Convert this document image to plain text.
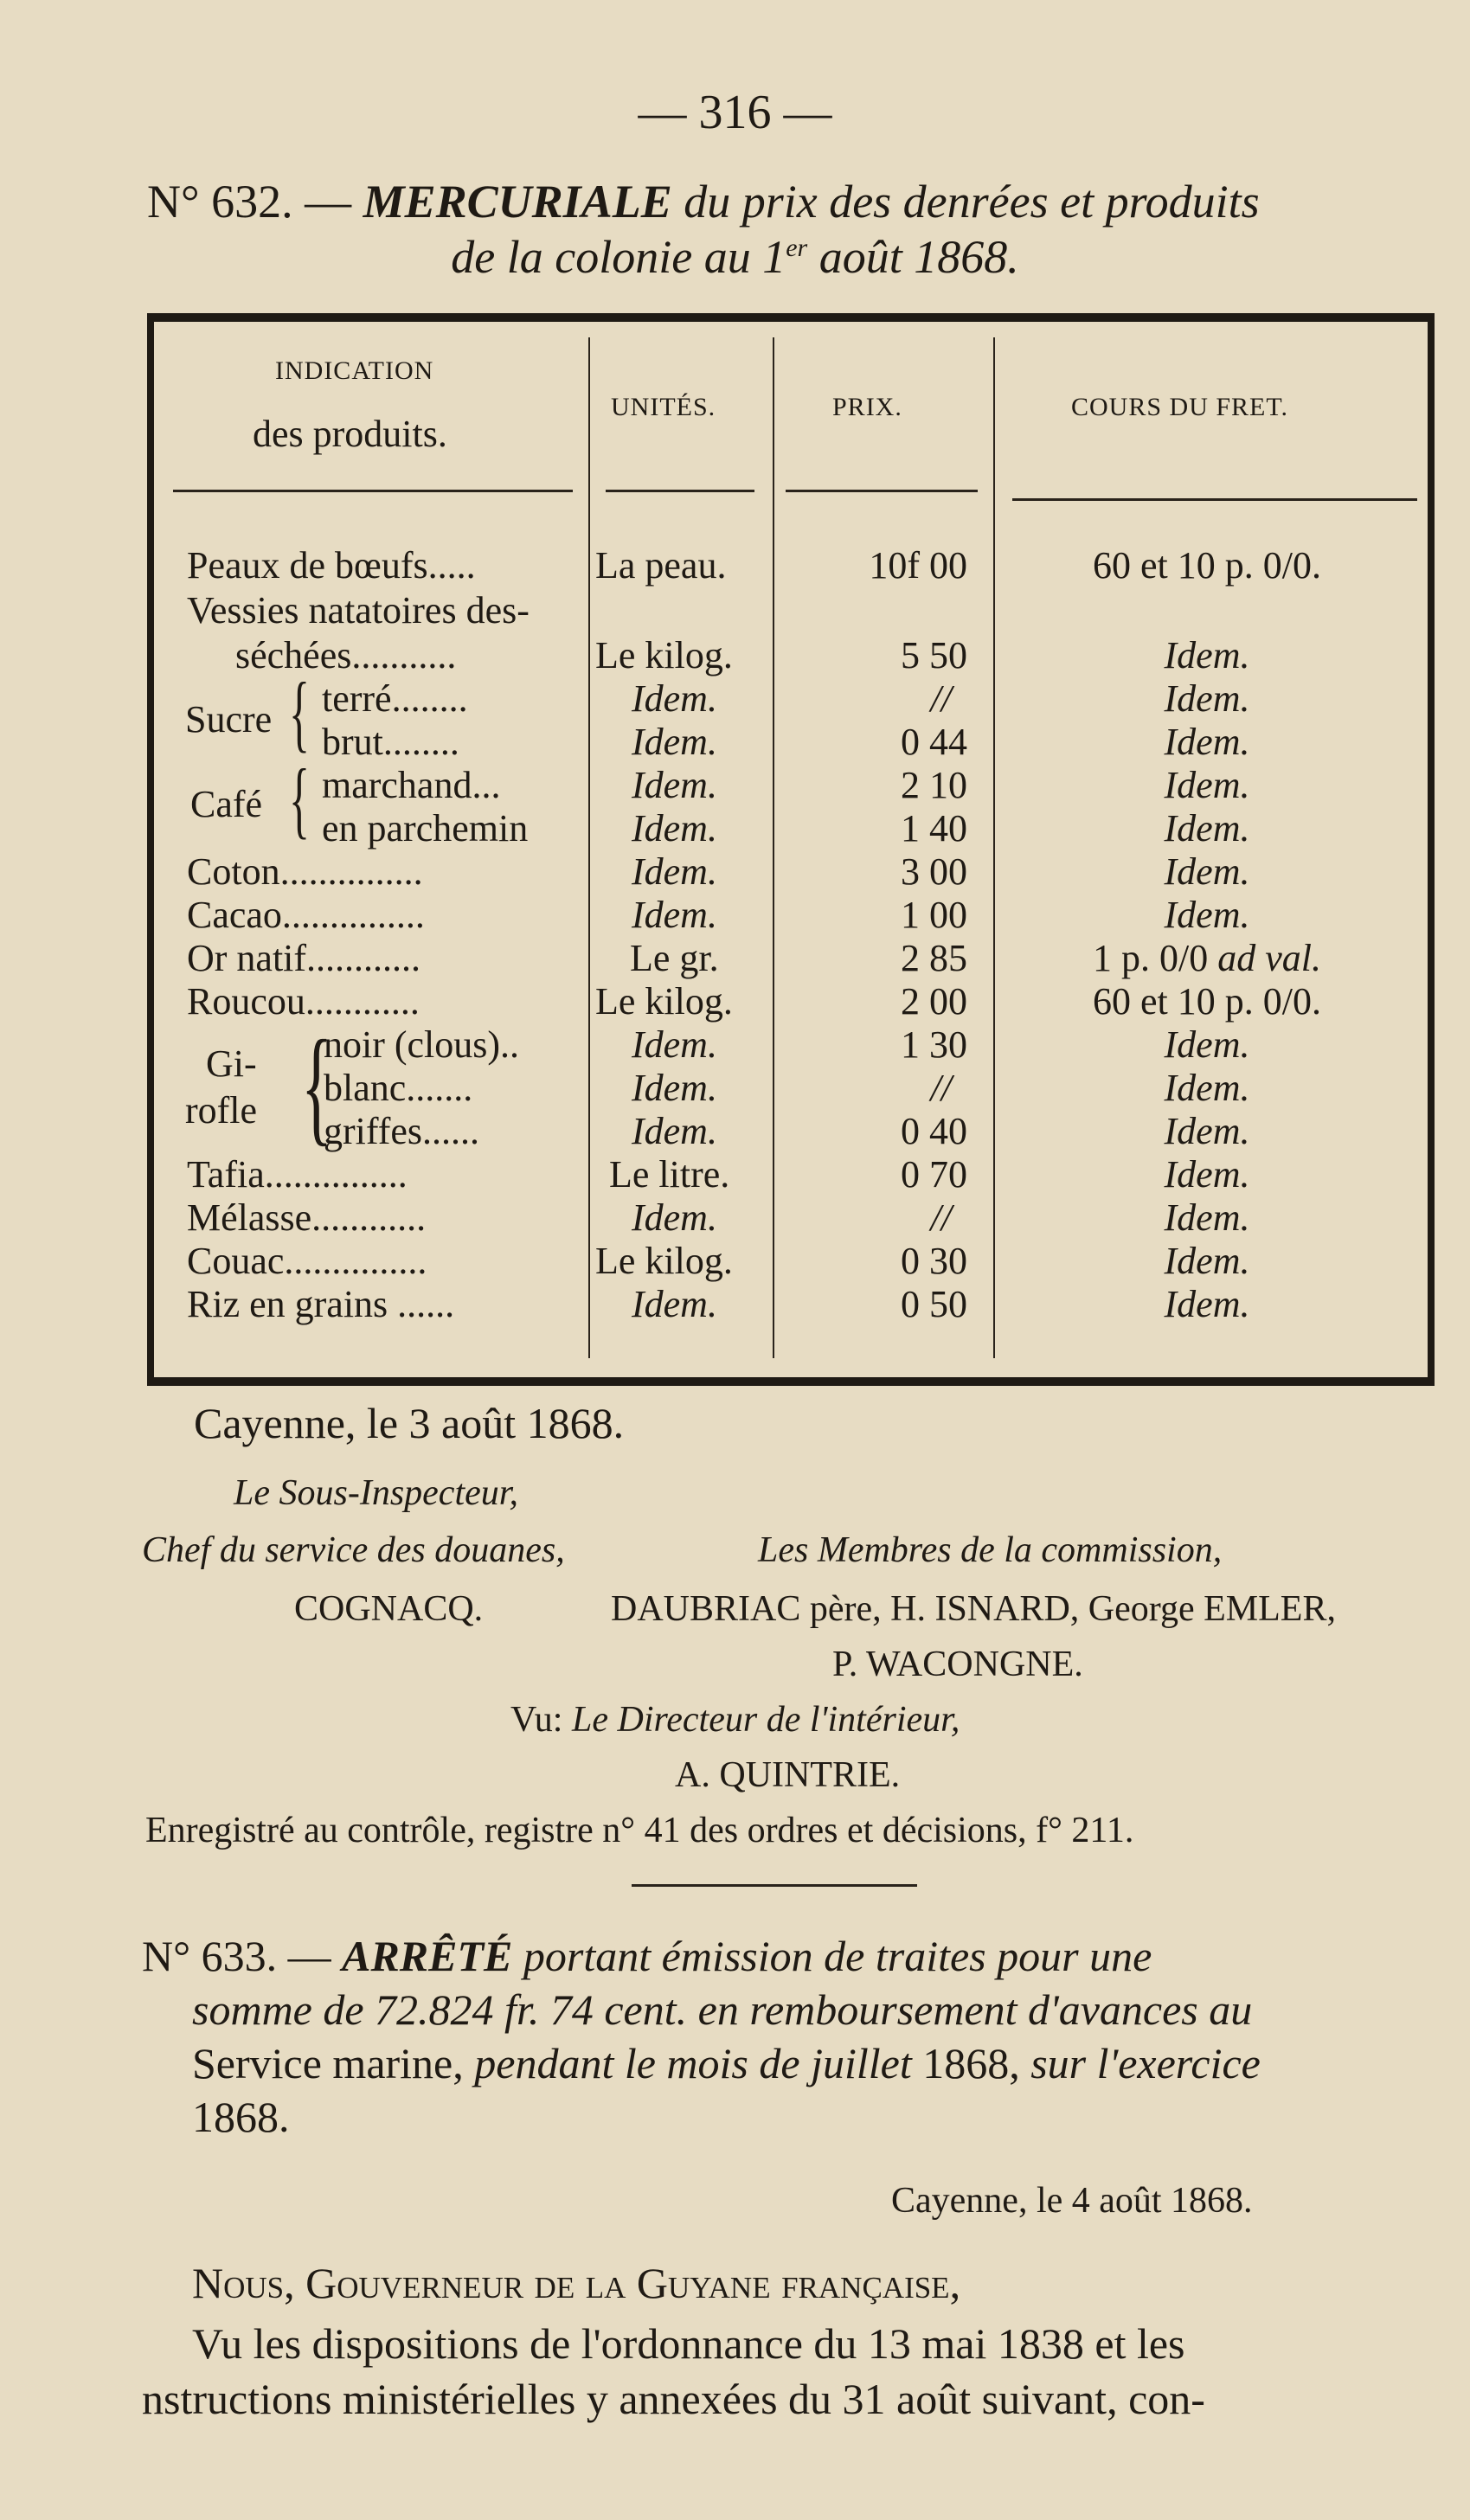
— 316 —
N° 632. — MERCURIALE du prix des denrées et produits
de la colonie au 1er août 1868.
INDICATION
des produits.
UNITÉS.	PRIX.	COURS DU FRET.
Peaux de bœufs.....	La peau.	10f 00	60 et 10 p. 0/0.
Vessies natatoires des-
séchées...........	Le kilog.	5 50	Idem.
Sucre { terré........	Idem.	//	Idem.
brut........	Idem.	0 44	Idem.
Café { marchand...	Idem.	2 10	Idem.
en parchemin	Idem.	1 40	Idem.
Coton...............	Idem.	3 00	Idem.
Cacao...............	Idem.	1 00	Idem.
Or natif............	Le gr.	2 85	1 p. 0/0 ad val.
Roucou............	Le kilog.	2 00	60 et 10 p. 0/0.
Gi-
rofle {
noir (clous)..	Idem.	1 30	Idem.
blanc.......	Idem.	//	Idem.
griffes......	Idem.	0 40	Idem.
Tafia...............	Le litre.	0 70	Idem.
Mélasse............	Idem.	//	Idem.
Couac...............	Le kilog.	0 30	Idem.
Riz en grains ......	Idem.	0 50	Idem.
Cayenne, le 3 août 1868.
Le Sous-Inspecteur,
Chef du service des douanes,	Les Membres de la commission,
COGNACQ.	DAUBRIAC père, H. ISNARD, George EMLER,
P. WACONGNE.
Vu: Le Directeur de l'intérieur,
A. QUINTRIE.
Enregistré au contrôle, registre n° 41 des ordres et décisions, f° 211.
N° 633. — ARRÊTÉ portant émission de traites pour une
somme de 72.824 fr. 74 cent. en remboursement d'avances au
Service marine, pendant le mois de juillet 1868, sur l'exercice
1868.
Cayenne, le 4 août 1868.
Nous, Gouverneur de la Guyane française,
Vu les dispositions de l'ordonnance du 13 mai 1838 et les
nstructions ministérielles y annexées du 31 août suivant, con-
